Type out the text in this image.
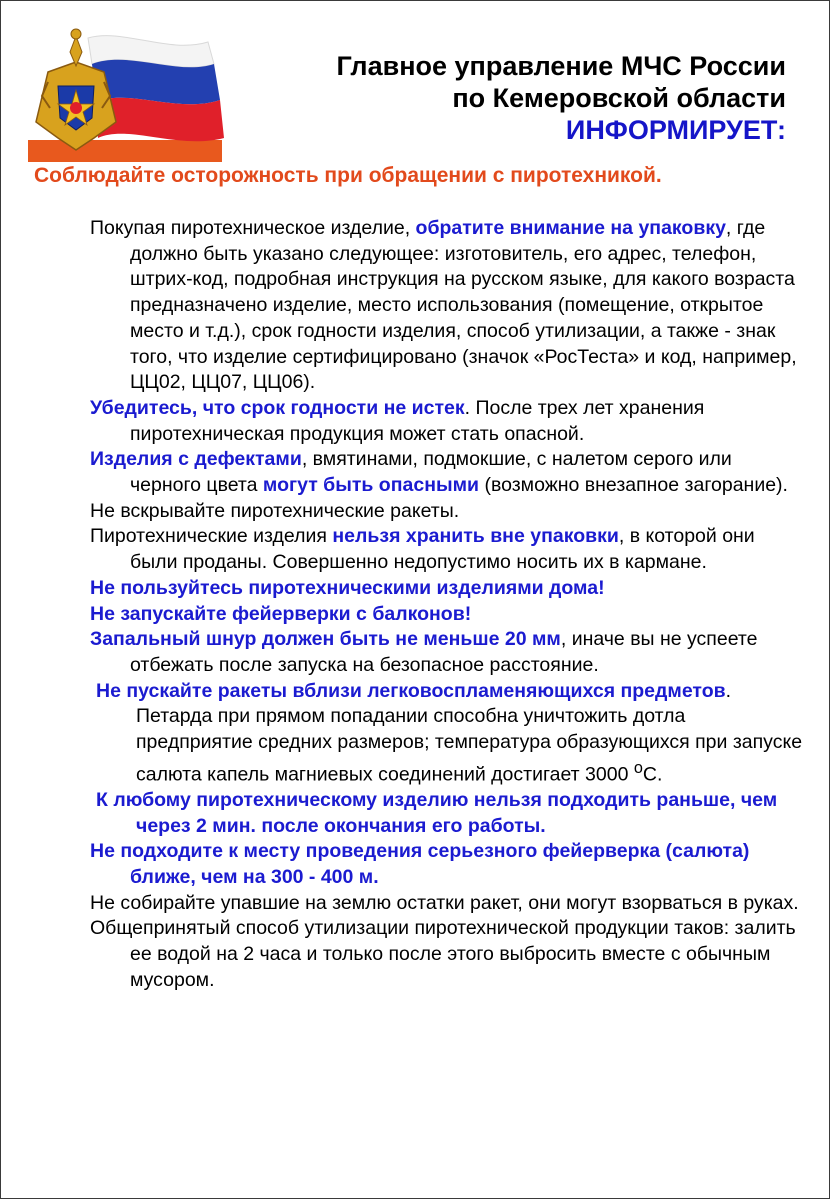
Главное управление МЧС России
по Кемеровской области
ИНФОРМИРУЕТ:
Соблюдайте осторожность при обращении с пиротехникой.

Покупая пиротехническое изделие, обратите внимание на упаковку, где должно быть указано следующее: изготовитель, его адрес, телефон, штрих-код, подробная инструкция на русском языке, для какого возраста предназначено изделие, место использования (помещение, открытое место и т.д.), срок годности изделия, способ утилизации, а также - знак того, что изделие сертифицировано (значок «РосТеста» и код, например, ЦЦ02, ЦЦ07, ЦЦ06).

Убедитесь, что срок годности не истек. После трех лет хранения пиротехническая продукция может стать опасной.

Изделия с дефектами, вмятинами, подмокшие, с налетом серого или черного цвета могут быть опасными (возможно внезапное загорание).

Не вскрывайте пиротехнические ракеты.

Пиротехнические изделия нельзя хранить вне упаковки, в которой они были проданы. Совершенно недопустимо носить их в кармане.

Не пользуйтесь пиротехническими изделиями дома!

Не запускайте фейерверки с балконов!

Запальный шнур должен быть не меньше 20 мм, иначе вы не успеете отбежать после запуска на безопасное расстояние.

Не пускайте ракеты вблизи легковоспламеняющихся предметов. Петарда при прямом попадании способна уничтожить дотла предприятие средних размеров; температура образующихся при запуске салюта капель магниевых соединений достигает 3000 $^о$С.

К любому пиротехническому изделию нельзя подходить раньше, чем через 2 мин. после окончания его работы.

Не подходите к месту проведения серьезного фейерверка (салюта) ближе, чем на 300 - 400 м.

Не собирайте упавшие на землю остатки ракет, они могут взорваться в руках.

Общепринятый способ утилизации пиротехнической продукции таков: залить ее водой на 2 часа и только после этого выбросить вместе с обычным мусором.
